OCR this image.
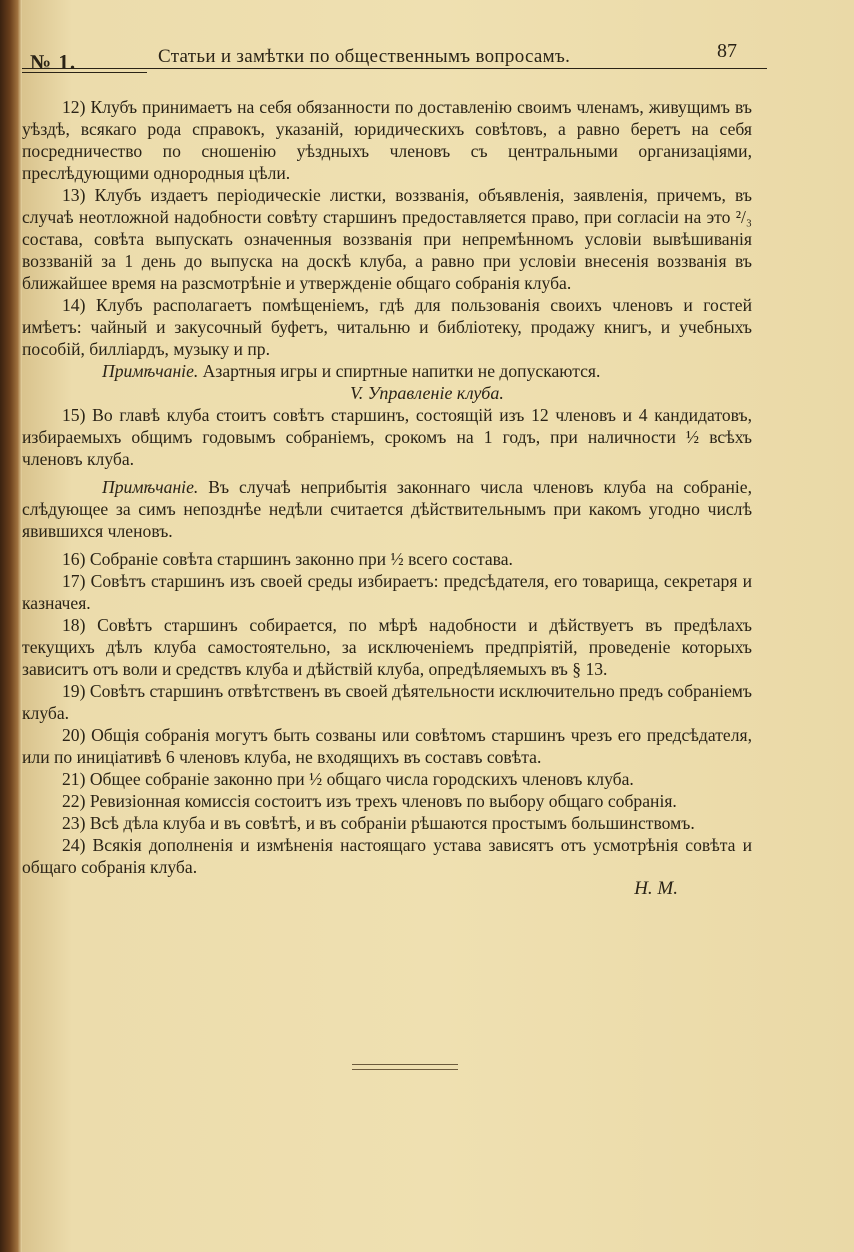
№ 1.	Статьи и замѣтки по общественнымъ вопросамъ.	87

12) Клубъ принимаетъ на себя обязанности по доставленію своимъ членамъ, живущимъ въ уѣздѣ, всякаго рода справокъ, указаній, юридическихъ совѣтовъ, а равно беретъ на себя посредничество по сношенію уѣздныхъ членовъ съ центральными организаціями, преслѣдующими однородныя цѣли.

13) Клубъ издаетъ періодическіе листки, воззванія, объявленія, заявленія, причемъ, въ случаѣ неотложной надобности совѣту старшинъ предоставляется право, при согласіи на это ²/₃ состава, совѣта выпускать означенныя воззванія при непремѣнномъ условіи вывѣшиванія воззваній за 1 день до выпуска на доскѣ клуба, а равно при условіи внесенія воззванія въ ближайшее время на разсмотрѣніе и утвержденіе общаго собранія клуба.

14) Клубъ располагаетъ помѣщеніемъ, гдѣ для пользованія своихъ членовъ и гостей имѣетъ: чайный и закусочный буфетъ, читальню и библіотеку, продажу книгъ, и учебныхъ пособій, билліардъ, музыку и пр.

Примѣчаніе. Азартныя игры и спиртные напитки не допускаются.

V. Управленіе клуба.

15) Во главѣ клуба стоитъ совѣтъ старшинъ, состоящій изъ 12 членовъ и 4 кандидатовъ, избираемыхъ общимъ годовымъ собраніемъ, срокомъ на 1 годъ, при наличности ½ всѣхъ членовъ клуба.

Примѣчаніе. Въ случаѣ неприбытія законнаго числа членовъ клуба на собраніе, слѣдующее за симъ непозднѣе недѣли считается дѣйствительнымъ при какомъ угодно числѣ явившихся членовъ.

16) Собраніе совѣта старшинъ законно при ½ всего состава.

17) Совѣтъ старшинъ изъ своей среды избираетъ: предсѣдателя, его товарища, секретаря и казначея.

18) Совѣтъ старшинъ собирается, по мѣрѣ надобности и дѣйствуетъ въ предѣлахъ текущихъ дѣлъ клуба самостоятельно, за исключеніемъ предпріятій, проведеніе которыхъ зависитъ отъ воли и средствъ клуба и дѣйствій клуба, опредѣляемыхъ въ § 13.

19) Совѣтъ старшинъ отвѣтственъ въ своей дѣятельности исключительно предъ собраніемъ клуба.

20) Общія собранія могутъ быть созваны или совѣтомъ старшинъ чрезъ его предсѣдателя, или по иниціативѣ 6 членовъ клуба, не входящихъ въ составъ совѣта.

21) Общее собраніе законно при ½ общаго числа городскихъ членовъ клуба.

22) Ревизіонная комиссія состоитъ изъ трехъ членовъ по выбору общаго собранія.

23) Всѣ дѣла клуба и въ совѣтѣ, и въ собраніи рѣшаются простымъ большинствомъ.

24) Всякія дополненія и измѣненія настоящаго устава зависятъ отъ усмотрѣнія совѣта и общаго собранія клуба.

Н. М.
